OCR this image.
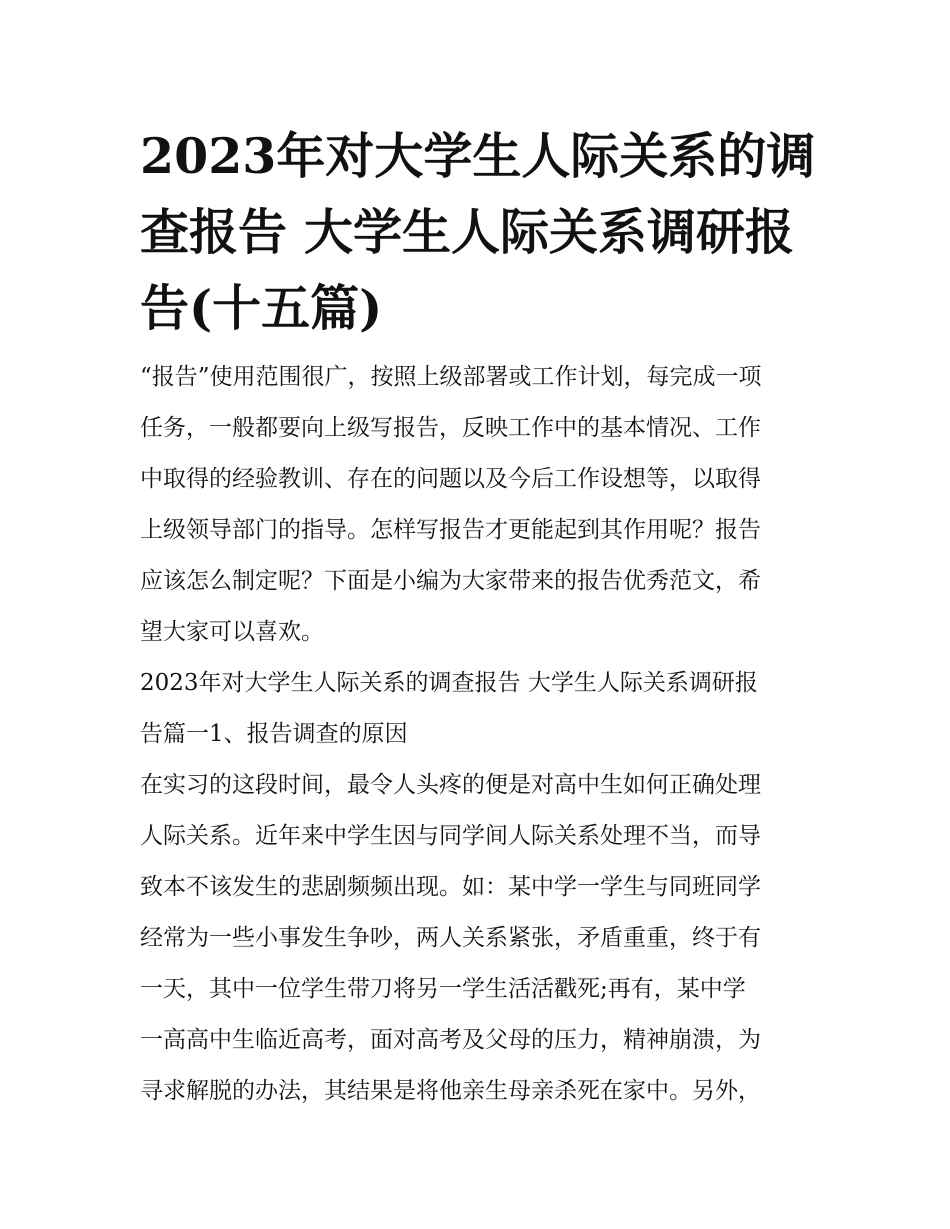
2023年对大学生人际关系的调
查报告 大学生人际关系调研报
告(十五篇)
“报告”使用范围很广，按照上级部署或工作计划，每完成一项
任务，一般都要向上级写报告，反映工作中的基本情况、工作
中取得的经验教训、存在的问题以及今后工作设想等，以取得
上级领导部门的指导。怎样写报告才更能起到其作用呢？报告
应该怎么制定呢？下面是小编为大家带来的报告优秀范文，希
望大家可以喜欢。
2023年对大学生人际关系的调查报告 大学生人际关系调研报
告篇一1、报告调查的原因
在实习的这段时间，最令人头疼的便是对高中生如何正确处理
人际关系。近年来中学生因与同学间人际关系处理不当，而导
致本不该发生的悲剧频频出现。如：某中学一学生与同班同学
经常为一些小事发生争吵，两人关系紧张，矛盾重重，终于有
一天，其中一位学生带刀将另一学生活活戳死;再有，某中学
一高高中生临近高考，面对高考及父母的压力，精神崩溃，为
寻求解脱的办法，其结果是将他亲生母亲杀死在家中。另外，
